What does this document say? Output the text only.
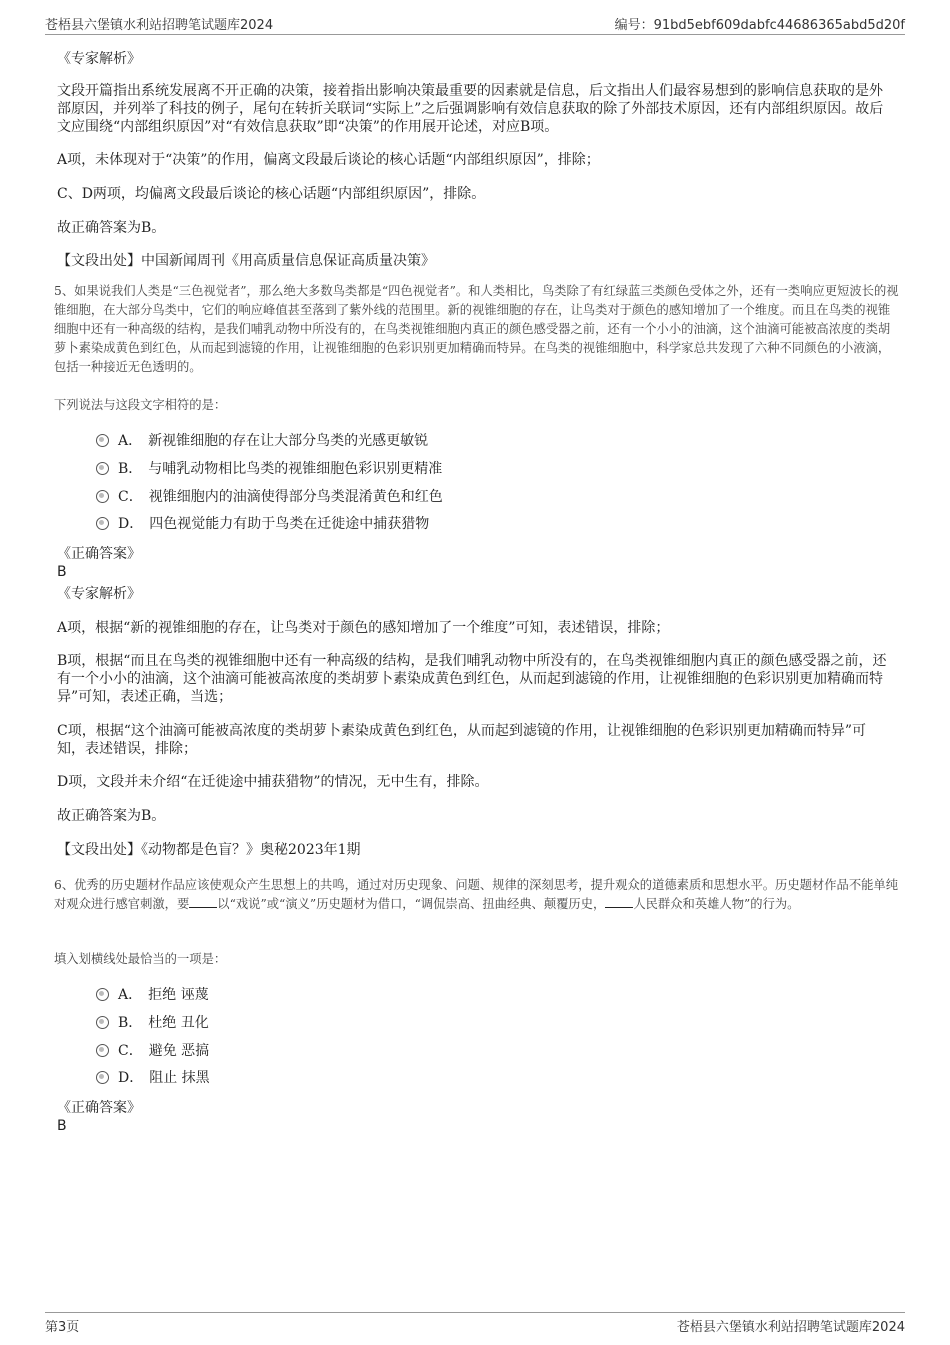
苍梧县六堡镇水利站招聘笔试题库2024	编号：91bd5ebf609dabfc44686365abd5d20f

《专家解析》

文段开篇指出系统发展离不开正确的决策，接着指出影响决策最重要的因素就是信息，后文指出人们最容易想到的影响信息获取的是外部原因，并列举了科技的例子，尾句在转折关联词“实际上”之后强调影响有效信息获取的除了外部技术原因，还有内部组织原因。故后文应围绕“内部组织原因”对“有效信息获取”即“决策”的作用展开论述，对应B项。

A项，未体现对于“决策”的作用，偏离文段最后谈论的核心话题“内部组织原因”，排除；

C、D两项，均偏离文段最后谈论的核心话题“内部组织原因”，排除。

故正确答案为B。

【文段出处】中国新闻周刊《用高质量信息保证高质量决策》

5、如果说我们人类是“三色视觉者”，那么绝大多数鸟类都是“四色视觉者”。和人类相比，鸟类除了有红绿蓝三类颜色受体之外，还有一类响应更短波长的视锥细胞，在大部分鸟类中，它们的响应峰值甚至落到了紫外线的范围里。新的视锥细胞的存在，让鸟类对于颜色的感知增加了一个维度。而且在鸟类的视锥细胞中还有一种高级的结构，是我们哺乳动物中所没有的，在鸟类视锥细胞内真正的颜色感受器之前，还有一个小小的油滴，这个油滴可能被高浓度的类胡萝卜素染成黄色到红色，从而起到滤镜的作用，让视锥细胞的色彩识别更加精确而特异。在鸟类的视锥细胞中，科学家总共发现了六种不同颜色的小液滴，包括一种接近无色透明的。

下列说法与这段文字相符的是：

A． 新视锥细胞的存在让大部分鸟类的光感更敏锐
B． 与哺乳动物相比鸟类的视锥细胞色彩识别更精准
C． 视锥细胞内的油滴使得部分鸟类混淆黄色和红色
D． 四色视觉能力有助于鸟类在迁徙途中捕获猎物

《正确答案》

B

《专家解析》

A项，根据“新的视锥细胞的存在，让鸟类对于颜色的感知增加了一个维度”可知，表述错误，排除；

B项，根据“而且在鸟类的视锥细胞中还有一种高级的结构，是我们哺乳动物中所没有的，在鸟类视锥细胞内真正的颜色感受器之前，还有一个小小的油滴，这个油滴可能被高浓度的类胡萝卜素染成黄色到红色，从而起到滤镜的作用，让视锥细胞的色彩识别更加精确而特异”可知，表述正确，当选；

C项，根据“这个油滴可能被高浓度的类胡萝卜素染成黄色到红色，从而起到滤镜的作用，让视锥细胞的色彩识别更加精确而特异”可知，表述错误，排除；

D项，文段并未介绍“在迁徙途中捕获猎物”的情况，无中生有，排除。

故正确答案为B。

【文段出处】《动物都是色盲？》奥秘2023年1期

6、优秀的历史题材作品应该使观众产生思想上的共鸣，通过对历史现象、问题、规律的深刻思考，提升观众的道德素质和思想水平。历史题材作品不能单纯对观众进行感官刺激，要 以“戏说”或“演义”历史题材为借口，“调侃崇高、扭曲经典、颠覆历史， 人民群众和英雄人物”的行为。

填入划横线处最恰当的一项是：

A． 拒绝 诬蔑
B． 杜绝 丑化
C． 避免 恶搞
D． 阻止 抹黑

《正确答案》

B
第3页	苍梧县六堡镇水利站招聘笔试题库2024
